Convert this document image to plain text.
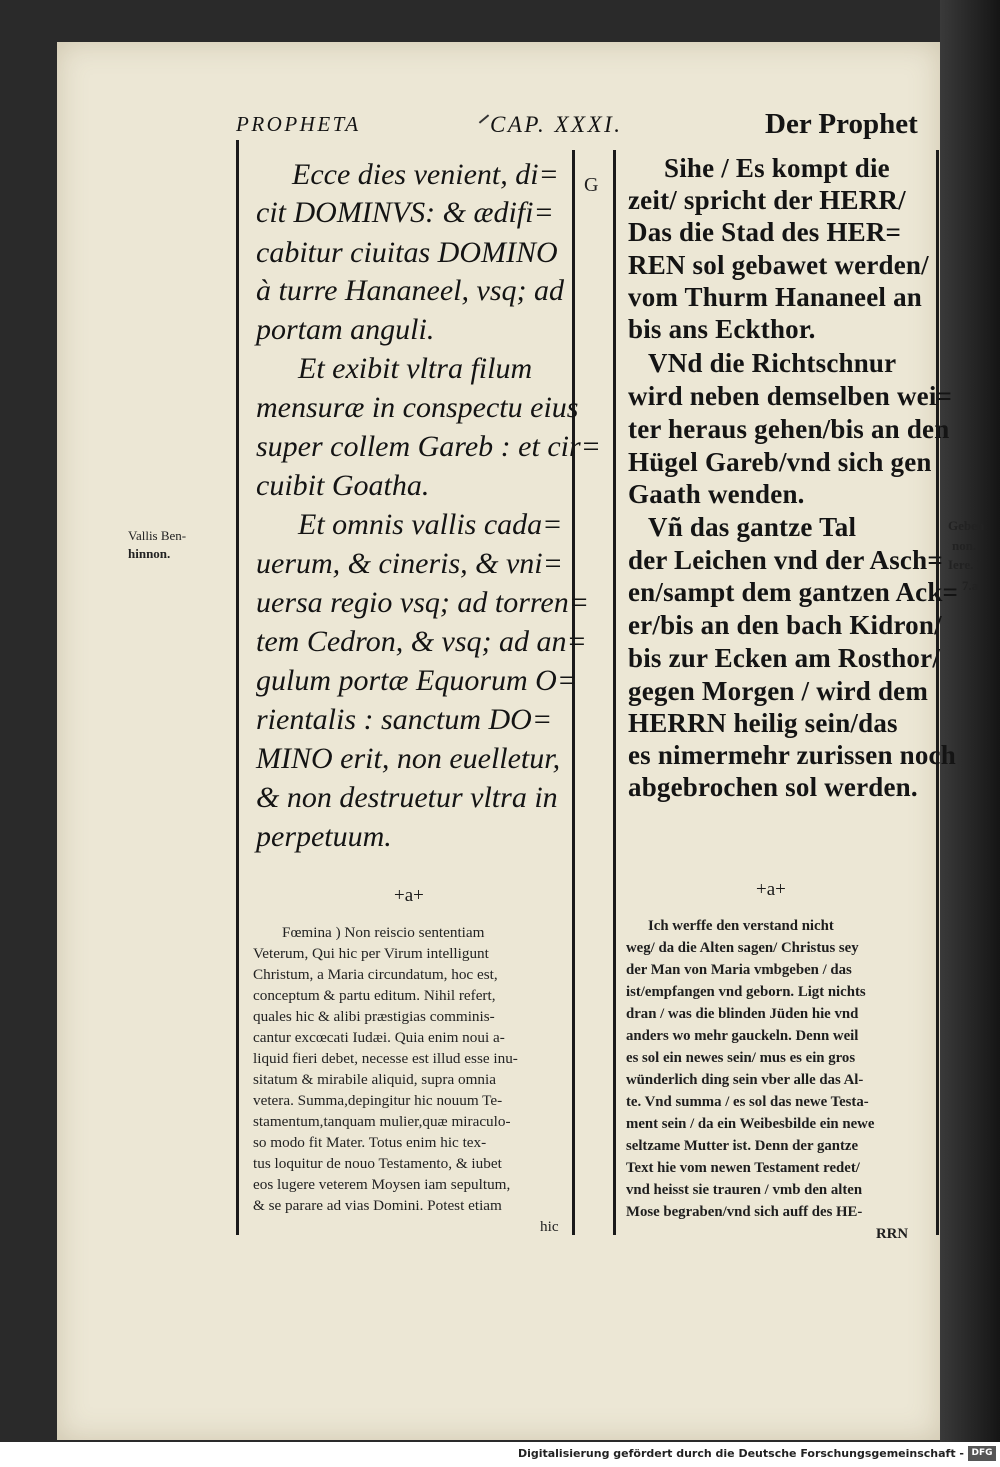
PROPHETA	CAP. XXXI.	Der Prophet
G
Ecce dies venient, di=
cit DOMINVS: & ædifi=
cabitur ciuitas DOMINO
à turre Hananeel, vsq; ad
portam anguli.
Et exibit vltra filum
mensuræ in conspectu eius
super collem Gareb : et cir=
cuibit Goatha.
Et omnis vallis cada=
uerum, & cineris, & vni=
uersa regio vsq; ad torren=
tem Cedron, & vsq; ad an=
gulum portæ Equorum O=
rientalis : sanctum DO=
MINO erit, non euelletur,
& non destruetur vltra in
perpetuum.
Sihe / Es kompt die
zeit/ spricht der HERR/
Das die Stad des HER=
REN sol gebawet werden/
vom Thurm Hananeel an
bis ans Eckthor.
VNd die Richtschnur
wird neben demselben wei=
ter heraus gehen/bis an den
Hügel Gareb/vnd sich gen
Gaath wenden.
Vñ das gantze Tal
der Leichen vnd der Asch=
en/sampt dem gantzen Ack=
er/bis an den bach Kidron/
bis zur Ecken am Rosthor/
gegen Morgen / wird dem
HERRN heilig sein/das
es nimermehr zurissen noch
abgebrochen sol werden.
Vallis Ben-
hinnon.
Geben
non.
Iere. I
7.a
+a+	+a+
Fœmina ) Non reiscio sententiam
Veterum, Qui hic per Virum intelligunt
Christum, a Maria circundatum, hoc est,
conceptum & partu editum. Nihil refert,
quales hic & alibi præstigias comminis-
cantur excœcati Iudæi. Quia enim noui a-
liquid fieri debet, necesse est illud esse inu-
sitatum & mirabile aliquid, supra omnia
vetera. Summa,depingitur hic nouum Te-
stamentum,tanquam mulier,quæ miraculo-
so modo fit Mater. Totus enim hic tex-
tus loquitur de nouo Testamento, & iubet
eos lugere veterem Moysen iam sepultum,
& se parare ad vias Domini. Potest etiam
hic
Ich werffe den verstand nicht
weg/ da die Alten sagen/ Christus sey
der Man von Maria vmbgeben / das
ist/empfangen vnd geborn. Ligt nichts
dran / was die blinden Jüden hie vnd
anders wo mehr gauckeln. Denn weil
es sol ein newes sein/ mus es ein gros
wünderlich ding sein vber alle das Al-
te. Vnd summa / es sol das newe Testa-
ment sein / da ein Weibesbilde ein newe
seltzame Mutter ist. Denn der gantze
Text hie vom newen Testament redet/
vnd heisst sie trauren / vmb den alten
Mose begraben/vnd sich auff des HE-
RRN
Digitalisierung gefördert durch die Deutsche Forschungsgemeinschaft - DFG
